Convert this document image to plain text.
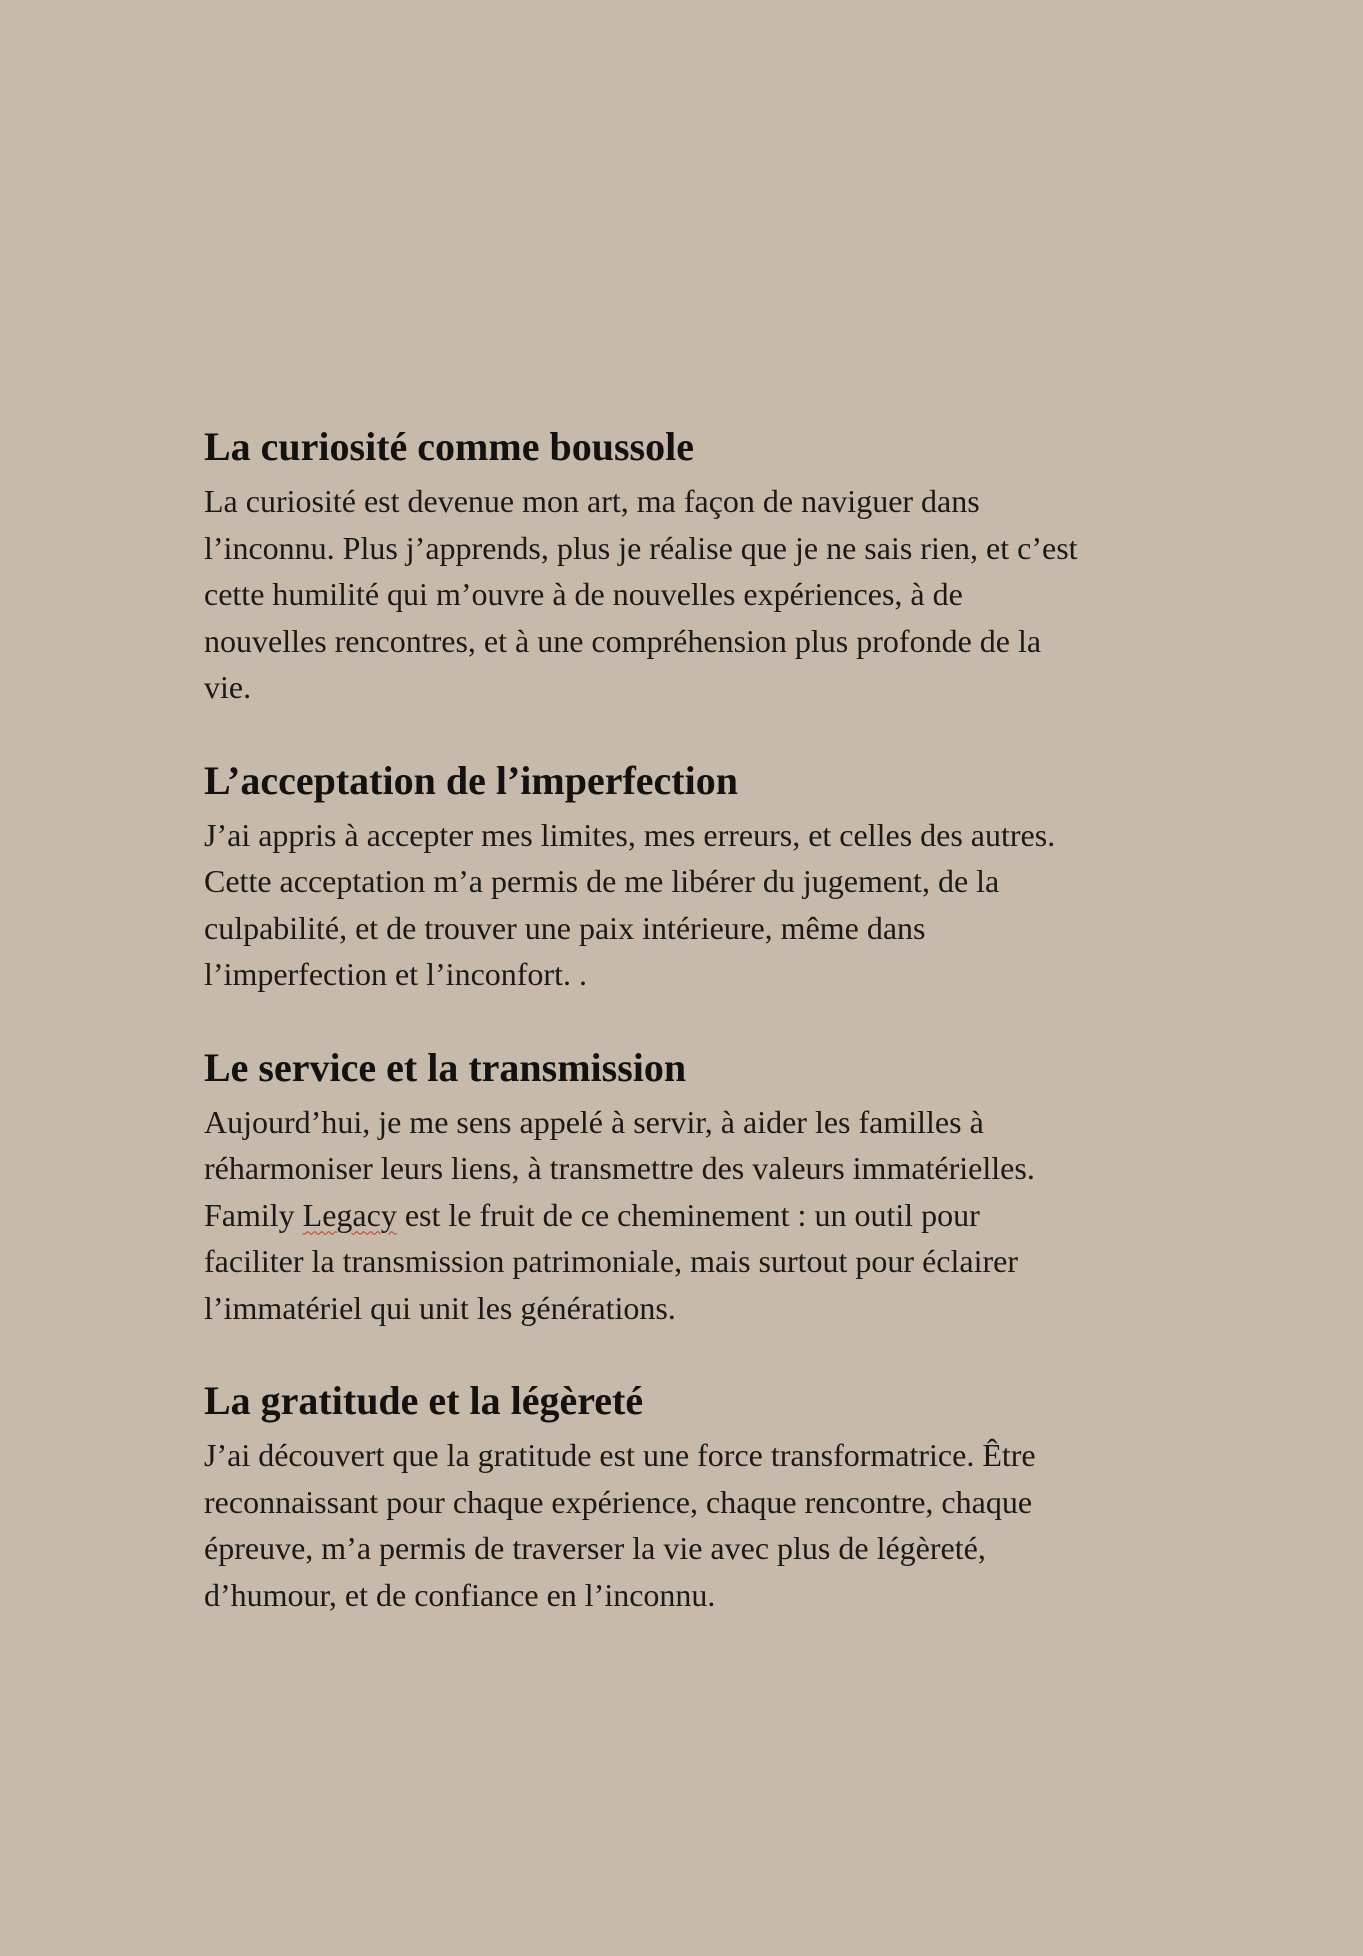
La curiosité comme boussole

La curiosité est devenue mon art, ma façon de naviguer dans
l’inconnu. Plus j’apprends, plus je réalise que je ne sais rien, et c’est
cette humilité qui m’ouvre à de nouvelles expériences, à de
nouvelles rencontres, et à une compréhension plus profonde de la
vie.

L’acceptation de l’imperfection

J’ai appris à accepter mes limites, mes erreurs, et celles des autres.
Cette acceptation m’a permis de me libérer du jugement, de la
culpabilité, et de trouver une paix intérieure, même dans
l’imperfection et l’inconfort. .

Le service et la transmission

Aujourd’hui, je me sens appelé à servir, à aider les familles à
réharmoniser leurs liens, à transmettre des valeurs immatérielles.
Family Legacy est le fruit de ce cheminement : un outil pour
faciliter la transmission patrimoniale, mais surtout pour éclairer
l’immatériel qui unit les générations.

La gratitude et la légèreté

J’ai découvert que la gratitude est une force transformatrice. Être
reconnaissant pour chaque expérience, chaque rencontre, chaque
épreuve, m’a permis de traverser la vie avec plus de légèreté,
d’humour, et de confiance en l’inconnu.
